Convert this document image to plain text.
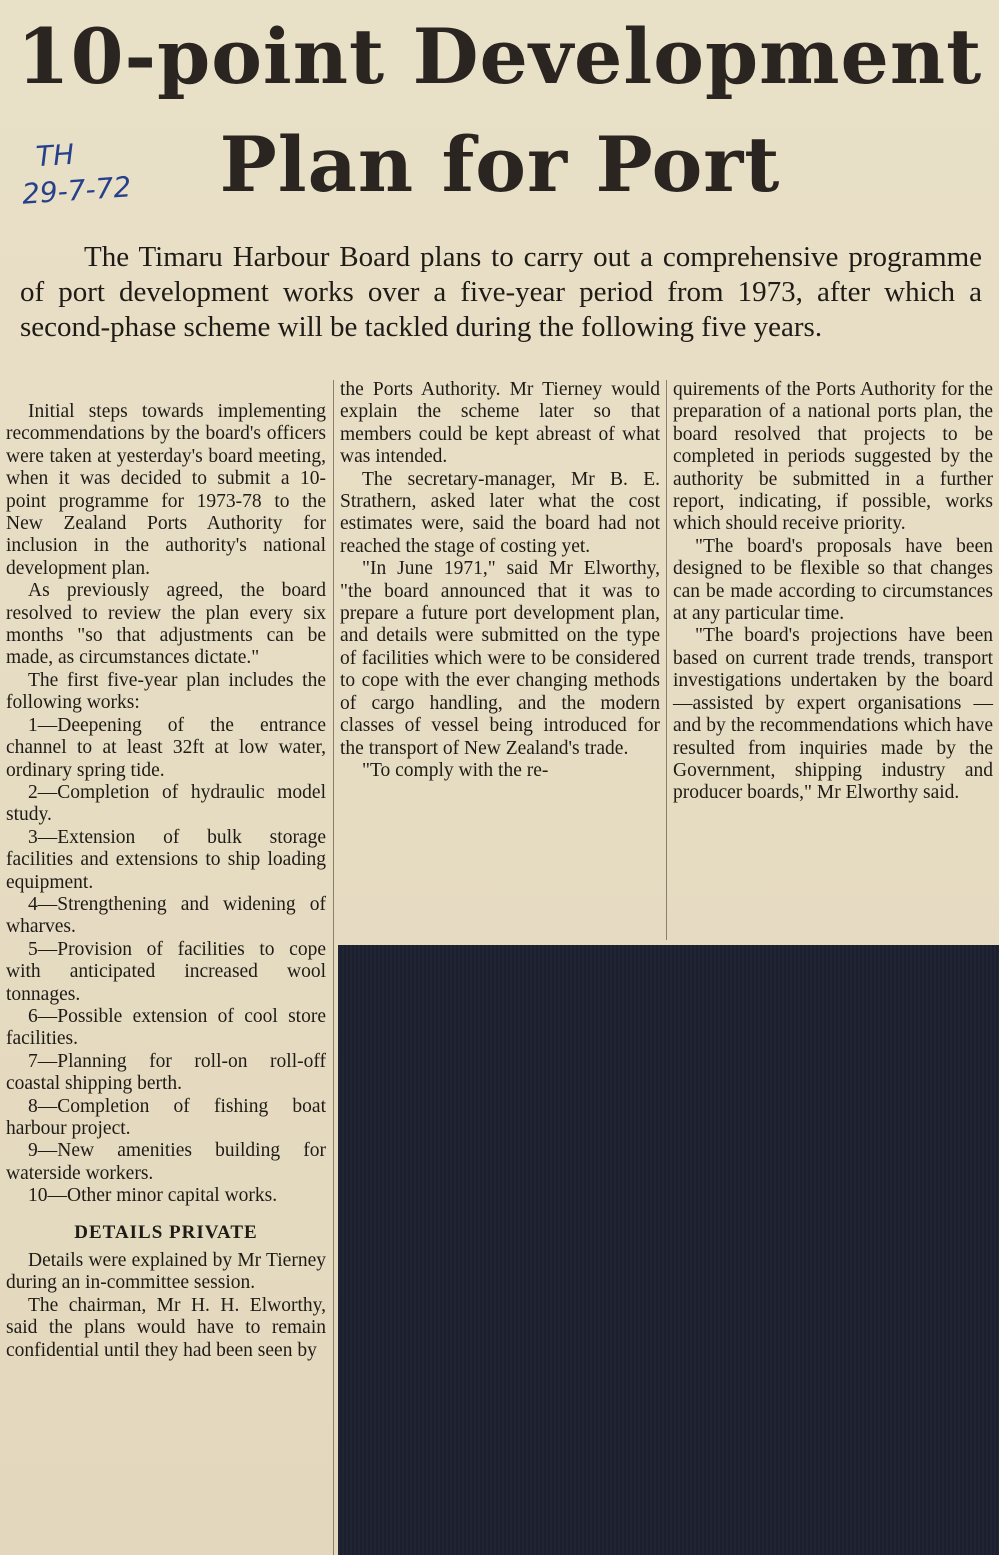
10-point Development
Plan for Port
TH
29-7-72

The Timaru Harbour Board plans to carry out a comprehensive programme of port development works over a five-year period from 1973, after which a second-phase scheme will be tackled during the following five years.

Initial steps towards implementing recommendations by the board's officers were taken at yesterday's board meeting, when it was decided to submit a 10-point programme for 1973-78 to the New Zealand Ports Authority for inclusion in the authority's national development plan.

As previously agreed, the board resolved to review the plan every six months "so that adjustments can be made, as circumstances dictate."

The first five-year plan includes the following works:

1—Deepening of the entrance channel to at least 32ft at low water, ordinary spring tide.

2—Completion of hydraulic model study.

3—Extension of bulk storage facilities and extensions to ship loading equipment.

4—Strengthening and widening of wharves.

5—Provision of facilities to cope with anticipated increased wool tonnages.

6—Possible extension of cool store facilities.

7—Planning for roll-on roll-off coastal shipping berth.

8—Completion of fishing boat harbour project.

9—New amenities building for waterside workers.

10—Other minor capital works.

DETAILS PRIVATE

Details were explained by Mr Tierney during an in-committee session.

The chairman, Mr H. H. Elworthy, said the plans would have to remain confidential until they had been seen by

the Ports Authority. Mr Tierney would explain the scheme later so that members could be kept abreast of what was intended.

The secretary-manager, Mr B. E. Strathern, asked later what the cost estimates were, said the board had not reached the stage of costing yet.

"In June 1971," said Mr Elworthy, "the board announced that it was to prepare a future port development plan, and details were submitted on the type of facilities which were to be considered to cope with the ever changing methods of cargo handling, and the modern classes of vessel being introduced for the transport of New Zealand's trade.

"To comply with the re-

quirements of the Ports Authority for the preparation of a national ports plan, the board resolved that projects to be completed in periods suggested by the authority be submitted in a further report, indicating, if possible, works which should receive priority.

"The board's proposals have been designed to be flexible so that changes can be made according to circumstances at any particular time.

"The board's projections have been based on current trade trends, transport investigations undertaken by the board—assisted by expert organisations — and by the recommendations which have resulted from inquiries made by the Government, shipping industry and producer boards," Mr Elworthy said.
